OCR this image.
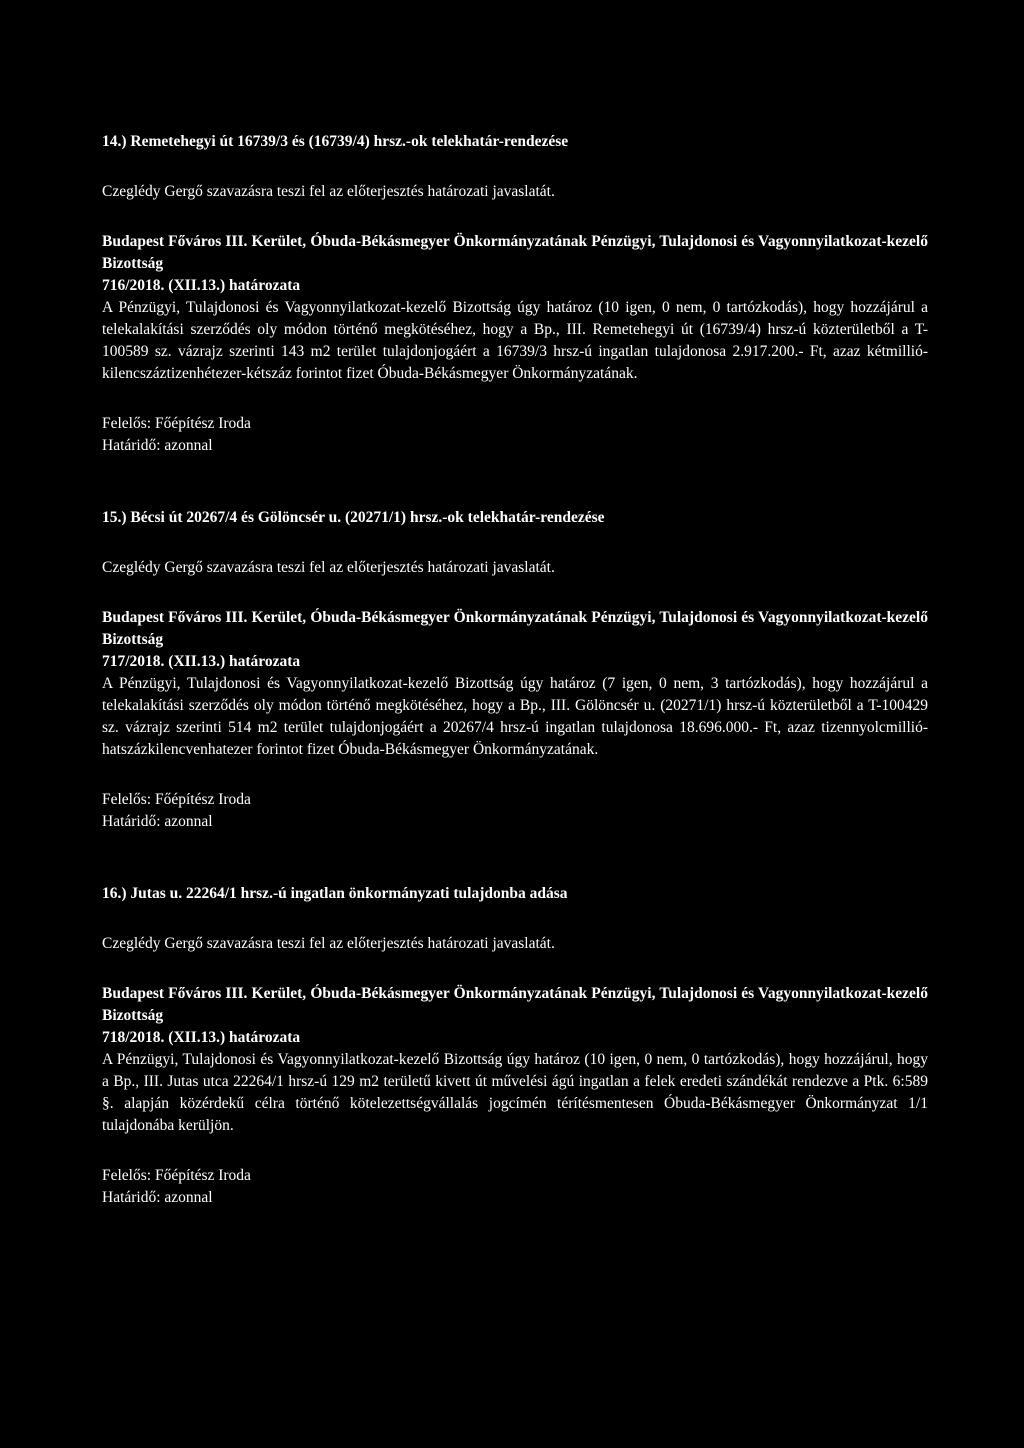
14.) Remetehegyi út 16739/3 és (16739/4) hrsz.-ok telekhatár-rendezése

Czeglédy Gergő szavazásra teszi fel az előterjesztés határozati javaslatát.

Budapest Főváros III. Kerület, Óbuda-Békásmegyer Önkormányzatának Pénzügyi, Tulajdonosi és Vagyonnyilatkozat-kezelő Bizottság

716/2018. (XII.13.) határozata

A Pénzügyi, Tulajdonosi és Vagyonnyilatkozat-kezelő Bizottság úgy határoz (10 igen, 0 nem, 0 tartózkodás), hogy hozzájárul a telekalakítási szerződés oly módon történő megkötéséhez, hogy a Bp., III. Remetehegyi út (16739/4) hrsz-ú közterületből a T-100589 sz. vázrajz szerinti 143 m2 terület tulajdonjogáért a 16739/3 hrsz-ú ingatlan tulajdonosa 2.917.200.- Ft, azaz kétmillió-kilencszáztizenhétezer-kétszáz forintot fizet Óbuda-Békásmegyer Önkormányzatának.

Felelős: Főépítész Iroda

Határidő: azonnal

15.) Bécsi út 20267/4 és Gölöncsér u. (20271/1) hrsz.-ok telekhatár-rendezése

Czeglédy Gergő szavazásra teszi fel az előterjesztés határozati javaslatát.

Budapest Főváros III. Kerület, Óbuda-Békásmegyer Önkormányzatának Pénzügyi, Tulajdonosi és Vagyonnyilatkozat-kezelő Bizottság

717/2018. (XII.13.) határozata

A Pénzügyi, Tulajdonosi és Vagyonnyilatkozat-kezelő Bizottság úgy határoz (7 igen, 0 nem, 3 tartózkodás), hogy hozzájárul a telekalakítási szerződés oly módon történő megkötéséhez, hogy a Bp., III. Gölöncsér u. (20271/1) hrsz-ú közterületből a T-100429 sz. vázrajz szerinti 514 m2 terület tulajdonjogáért a 20267/4 hrsz-ú ingatlan tulajdonosa 18.696.000.- Ft, azaz tizennyolcmillió-hatszázkilencvenhatezer forintot fizet Óbuda-Békásmegyer Önkormányzatának.

Felelős: Főépítész Iroda

Határidő: azonnal

16.) Jutas u. 22264/1 hrsz.-ú ingatlan önkormányzati tulajdonba adása

Czeglédy Gergő szavazásra teszi fel az előterjesztés határozati javaslatát.

Budapest Főváros III. Kerület, Óbuda-Békásmegyer Önkormányzatának Pénzügyi, Tulajdonosi és Vagyonnyilatkozat-kezelő Bizottság

718/2018. (XII.13.) határozata

A Pénzügyi, Tulajdonosi és Vagyonnyilatkozat-kezelő Bizottság úgy határoz (10 igen, 0 nem, 0 tartózkodás), hogy hozzájárul, hogy a Bp., III. Jutas utca 22264/1 hrsz-ú 129 m2 területű kivett út művelési ágú ingatlan a felek eredeti szándékát rendezve a Ptk. 6:589 §. alapján közérdekű célra történő kötelezettségvállalás jogcímén térítésmentesen Óbuda-Békásmegyer Önkormányzat 1/1 tulajdonába kerüljön.

Felelős: Főépítész Iroda

Határidő: azonnal
